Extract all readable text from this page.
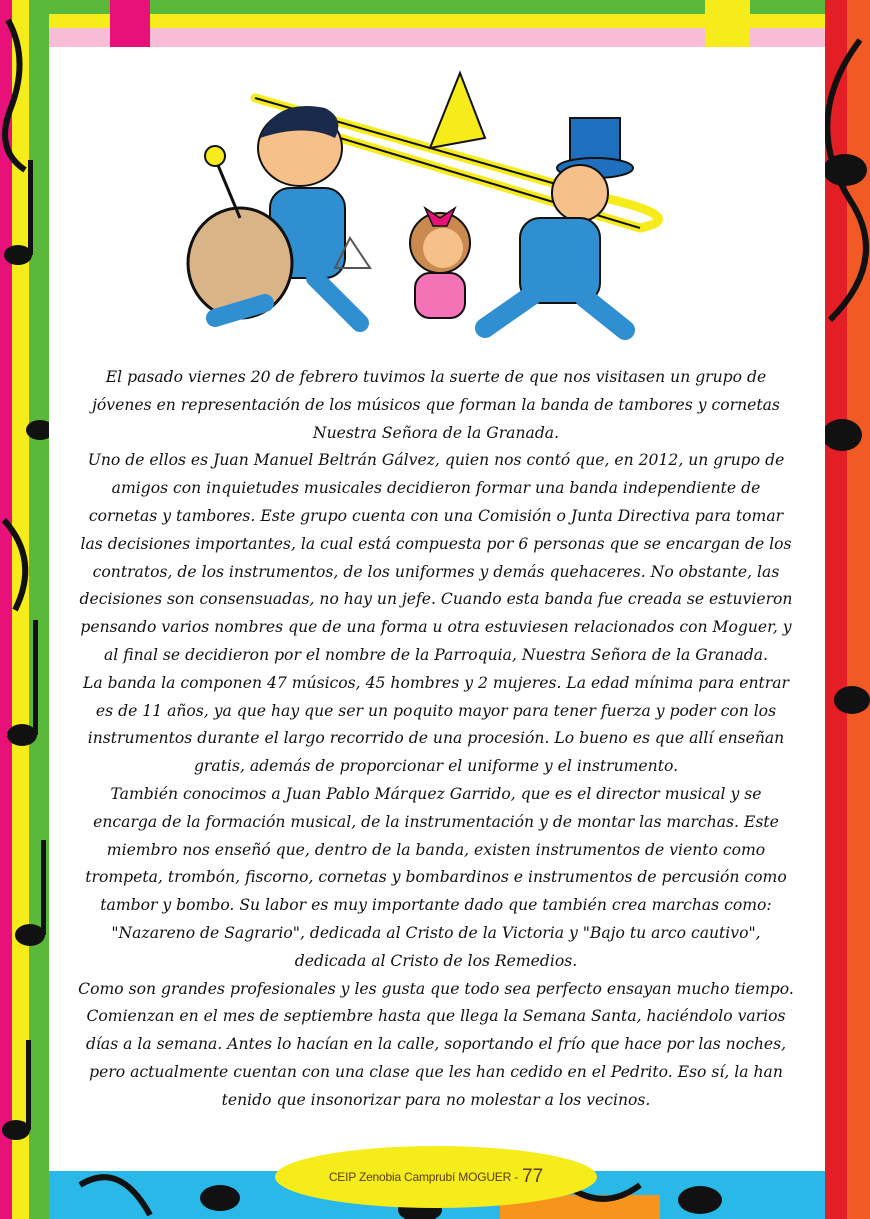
El pasado viernes 20 de febrero tuvimos la suerte de que nos visitasen un grupo de jóvenes en representación de los músicos que forman la banda de tambores y cornetas Nuestra Señora de la Granada.

Uno de ellos es Juan Manuel Beltrán Gálvez, quien nos contó que, en 2012, un grupo de amigos con inquietudes musicales decidieron formar una banda independiente de cornetas y tambores. Este grupo cuenta con una Comisión o Junta Directiva para tomar las decisiones importantes, la cual está compuesta por 6 personas que se encargan de los contratos, de los instrumentos, de los uniformes y demás quehaceres. No obstante, las decisiones son consensuadas, no hay un jefe. Cuando esta banda fue creada se estuvieron pensando varios nombres que de una forma u otra estuviesen relacionados con Moguer, y al final se decidieron por el nombre de la Parroquia, Nuestra Señora de la Granada.

La banda la componen 47 músicos, 45 hombres y 2 mujeres. La edad mínima para entrar es de 11 años, ya que hay que ser un poquito mayor para tener fuerza y poder con los instrumentos durante el largo recorrido de una procesión. Lo bueno es que allí enseñan gratis, además de proporcionar el uniforme y el instrumento.

También conocimos a Juan Pablo Márquez Garrido, que es el director musical y se encarga de la formación musical, de la instrumentación y de montar las marchas. Este miembro nos enseñó que, dentro de la banda, existen instrumentos de viento como trompeta, trombón, fiscorno, cornetas y bombardinos e instrumentos de percusión como tambor y bombo. Su labor es muy importante dado que también crea marchas como: "Nazareno de Sagrario", dedicada al Cristo de la Victoria y "Bajo tu arco cautivo", dedicada al Cristo de los Remedios.

Como son grandes profesionales y les gusta que todo sea perfecto ensayan mucho tiempo. Comienzan en el mes de septiembre hasta que llega la Semana Santa, haciéndolo varios días a la semana. Antes lo hacían en la calle, soportando el frío que hace por las noches, pero actualmente cuentan con una clase que les han cedido en el Pedrito. Eso sí, la han tenido que insonorizar para no molestar a los vecinos.

CEIP Zenobia Camprubí MOGUER - 77
